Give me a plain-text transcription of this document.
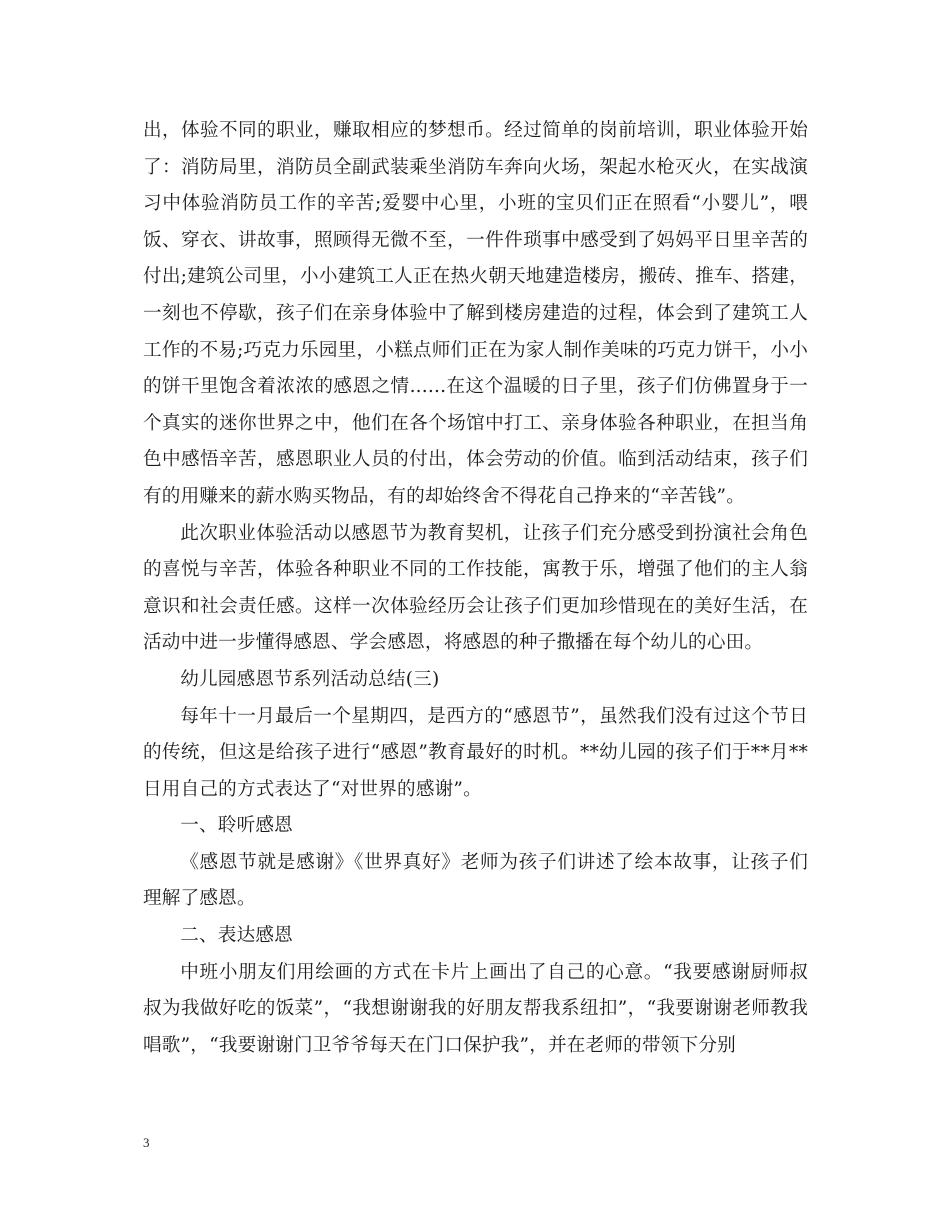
出，体验不同的职业，赚取相应的梦想币。经过简单的岗前培训，职业体验开始了：消防局里，消防员全副武装乘坐消防车奔向火场，架起水枪灭火，在实战演习中体验消防员工作的辛苦;爱婴中心里，小班的宝贝们正在照看“小婴儿”，喂饭、穿衣、讲故事，照顾得无微不至，一件件琐事中感受到了妈妈平日里辛苦的付出;建筑公司里，小小建筑工人正在热火朝天地建造楼房，搬砖、推车、搭建，一刻也不停歇，孩子们在亲身体验中了解到楼房建造的过程，体会到了建筑工人工作的不易;巧克力乐园里，小糕点师们正在为家人制作美味的巧克力饼干，小小的饼干里饱含着浓浓的感恩之情......在这个温暖的日子里，孩子们仿佛置身于一个真实的迷你世界之中，他们在各个场馆中打工、亲身体验各种职业，在担当角色中感悟辛苦，感恩职业人员的付出，体会劳动的价值。临到活动结束，孩子们有的用赚来的薪水购买物品，有的却始终舍不得花自己挣来的“辛苦钱”。

此次职业体验活动以感恩节为教育契机，让孩子们充分感受到扮演社会角色的喜悦与辛苦，体验各种职业不同的工作技能，寓教于乐，增强了他们的主人翁意识和社会责任感。这样一次体验经历会让孩子们更加珍惜现在的美好生活，在活动中进一步懂得感恩、学会感恩，将感恩的种子撒播在每个幼儿的心田。

幼儿园感恩节系列活动总结(三)

每年十一月最后一个星期四，是西方的“感恩节”，虽然我们没有过这个节日的传统，但这是给孩子进行“感恩”教育最好的时机。**幼儿园的孩子们于**月**日用自己的方式表达了“对世界的感谢”。

一、聆听感恩

《感恩节就是感谢》《世界真好》老师为孩子们讲述了绘本故事，让孩子们理解了感恩。

二、表达感恩

中班小朋友们用绘画的方式在卡片上画出了自己的心意。“我要感谢厨师叔叔为我做好吃的饭菜”，“我想谢谢我的好朋友帮我系纽扣”，“我要谢谢老师教我唱歌”，“我要谢谢门卫爷爷每天在门口保护我”，并在老师的带领下分别

3
